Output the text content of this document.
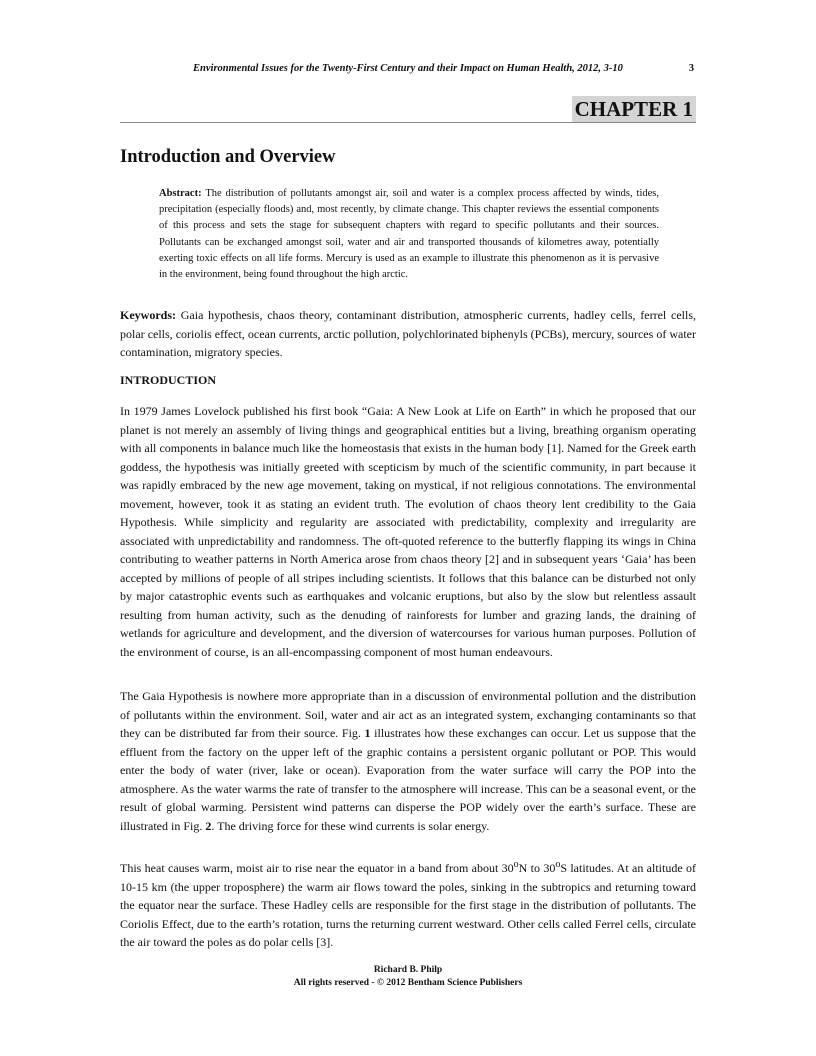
Environmental Issues for the Twenty-First Century and their Impact on Human Health, 2012, 3-10	3
CHAPTER 1
Introduction and Overview

Abstract: The distribution of pollutants amongst air, soil and water is a complex process affected by winds, tides, precipitation (especially floods) and, most recently, by climate change. This chapter reviews the essential components of this process and sets the stage for subsequent chapters with regard to specific pollutants and their sources. Pollutants can be exchanged amongst soil, water and air and transported thousands of kilometres away, potentially exerting toxic effects on all life forms. Mercury is used as an example to illustrate this phenomenon as it is pervasive in the environment, being found throughout the high arctic.

Keywords: Gaia hypothesis, chaos theory, contaminant distribution, atmospheric currents, hadley cells, ferrel cells, polar cells, coriolis effect, ocean currents, arctic pollution, polychlorinated biphenyls (PCBs), mercury, sources of water contamination, migratory species.

INTRODUCTION

In 1979 James Lovelock published his first book “Gaia: A New Look at Life on Earth” in which he proposed that our planet is not merely an assembly of living things and geographical entities but a living, breathing organism operating with all components in balance much like the homeostasis that exists in the human body [1]. Named for the Greek earth goddess, the hypothesis was initially greeted with scepticism by much of the scientific community, in part because it was rapidly embraced by the new age movement, taking on mystical, if not religious connotations. The environmental movement, however, took it as stating an evident truth. The evolution of chaos theory lent credibility to the Gaia Hypothesis. While simplicity and regularity are associated with predictability, complexity and irregularity are associated with unpredictability and randomness. The oft-quoted reference to the butterfly flapping its wings in China contributing to weather patterns in North America arose from chaos theory [2] and in subsequent years ‘Gaia’ has been accepted by millions of people of all stripes including scientists. It follows that this balance can be disturbed not only by major catastrophic events such as earthquakes and volcanic eruptions, but also by the slow but relentless assault resulting from human activity, such as the denuding of rainforests for lumber and grazing lands, the draining of wetlands for agriculture and development, and the diversion of watercourses for various human purposes. Pollution of the environment of course, is an all-encompassing component of most human endeavours.

The Gaia Hypothesis is nowhere more appropriate than in a discussion of environmental pollution and the distribution of pollutants within the environment. Soil, water and air act as an integrated system, exchanging contaminants so that they can be distributed far from their source. Fig. 1 illustrates how these exchanges can occur. Let us suppose that the effluent from the factory on the upper left of the graphic contains a persistent organic pollutant or POP. This would enter the body of water (river, lake or ocean). Evaporation from the water surface will carry the POP into the atmosphere. As the water warms the rate of transfer to the atmosphere will increase. This can be a seasonal event, or the result of global warming. Persistent wind patterns can disperse the POP widely over the earth’s surface. These are illustrated in Fig. 2. The driving force for these wind currents is solar energy.

This heat causes warm, moist air to rise near the equator in a band from about 30$^o$N to 30$^o$S latitudes. At an altitude of 10-15 km (the upper troposphere) the warm air flows toward the poles, sinking in the subtropics and returning toward the equator near the surface. These Hadley cells are responsible for the first stage in the distribution of pollutants. The Coriolis Effect, due to the earth’s rotation, turns the returning current westward. Other cells called Ferrel cells, circulate the air toward the poles as do polar cells [3].

Richard B. Philp
All rights reserved - © 2012 Bentham Science Publishers
